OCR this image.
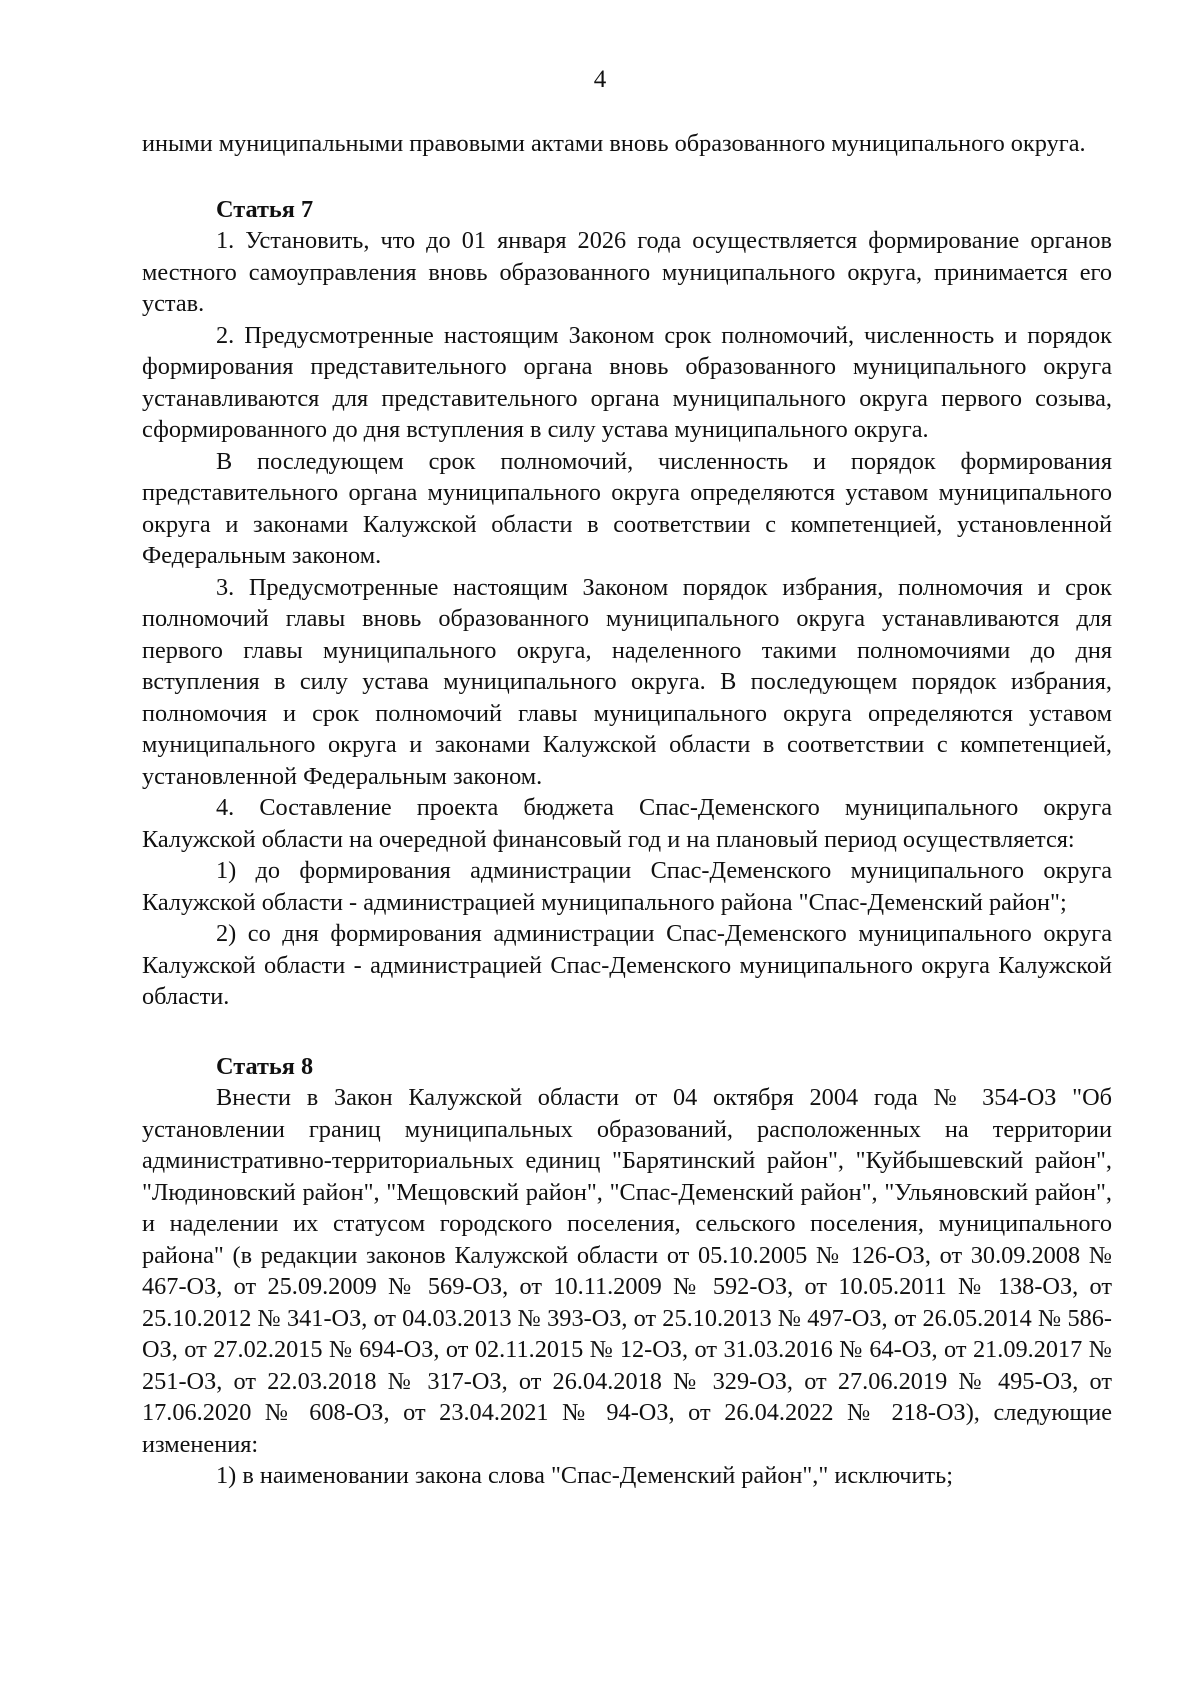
4

иными муниципальными правовыми актами вновь образованного муниципального округа.

Статья 7

1. Установить, что до 01 января 2026 года осуществляется формирование органов местного самоуправления вновь образованного муниципального округа, принимается его устав.

2. Предусмотренные настоящим Законом срок полномочий, численность и порядок формирования представительного органа вновь образованного муниципального округа устанавливаются для представительного органа муниципального округа первого созыва, сформированного до дня вступления в силу устава муниципального округа.

В последующем срок полномочий, численность и порядок формирования представительного органа муниципального округа определяются уставом муниципального округа и законами Калужской области в соответствии с компетенцией, установленной Федеральным законом.

3. Предусмотренные настоящим Законом порядок избрания, полномочия и срок полномочий главы вновь образованного муниципального округа устанавливаются для первого главы муниципального округа, наделенного такими полномочиями до дня вступления в силу устава муниципального округа. В последующем порядок избрания, полномочия и срок полномочий главы муниципального округа определяются уставом муниципального округа и законами Калужской области в соответствии с компетенцией, установленной Федеральным законом.

4. Составление проекта бюджета Спас-Деменского муниципального округа Калужской области на очередной финансовый год и на плановый период осуществляется:

1) до формирования администрации Спас-Деменского муниципального округа Калужской области - администрацией муниципального района "Спас-Деменский район";

2) со дня формирования администрации Спас-Деменского муниципального округа Калужской области - администрацией Спас-Деменского муниципального округа Калужской области.

Статья 8

Внести в Закон Калужской области от 04 октября 2004 года № 354-ОЗ "Об установлении границ муниципальных образований, расположенных на территории административно-территориальных единиц "Барятинский район", "Куйбышевский район", "Людиновский район", "Мещовский район", "Спас-Деменский район", "Ульяновский район", и наделении их статусом городского поселения, сельского поселения, муниципального района" (в редакции законов Калужской области от 05.10.2005 № 126-ОЗ, от 30.09.2008 № 467-ОЗ, от 25.09.2009 № 569-ОЗ, от 10.11.2009 № 592-ОЗ, от 10.05.2011 № 138-ОЗ, от 25.10.2012 № 341-ОЗ, от 04.03.2013 № 393-ОЗ, от 25.10.2013 № 497-ОЗ, от 26.05.2014 № 586-ОЗ, от 27.02.2015 № 694-ОЗ, от 02.11.2015 № 12-ОЗ, от 31.03.2016 № 64-ОЗ, от 21.09.2017 № 251-ОЗ, от 22.03.2018 № 317-ОЗ, от 26.04.2018 № 329-ОЗ, от 27.06.2019 № 495-ОЗ, от 17.06.2020 № 608-ОЗ, от 23.04.2021 № 94-ОЗ, от 26.04.2022 № 218-ОЗ), следующие изменения:

1) в наименовании закона слова "Спас-Деменский район"," исключить;
